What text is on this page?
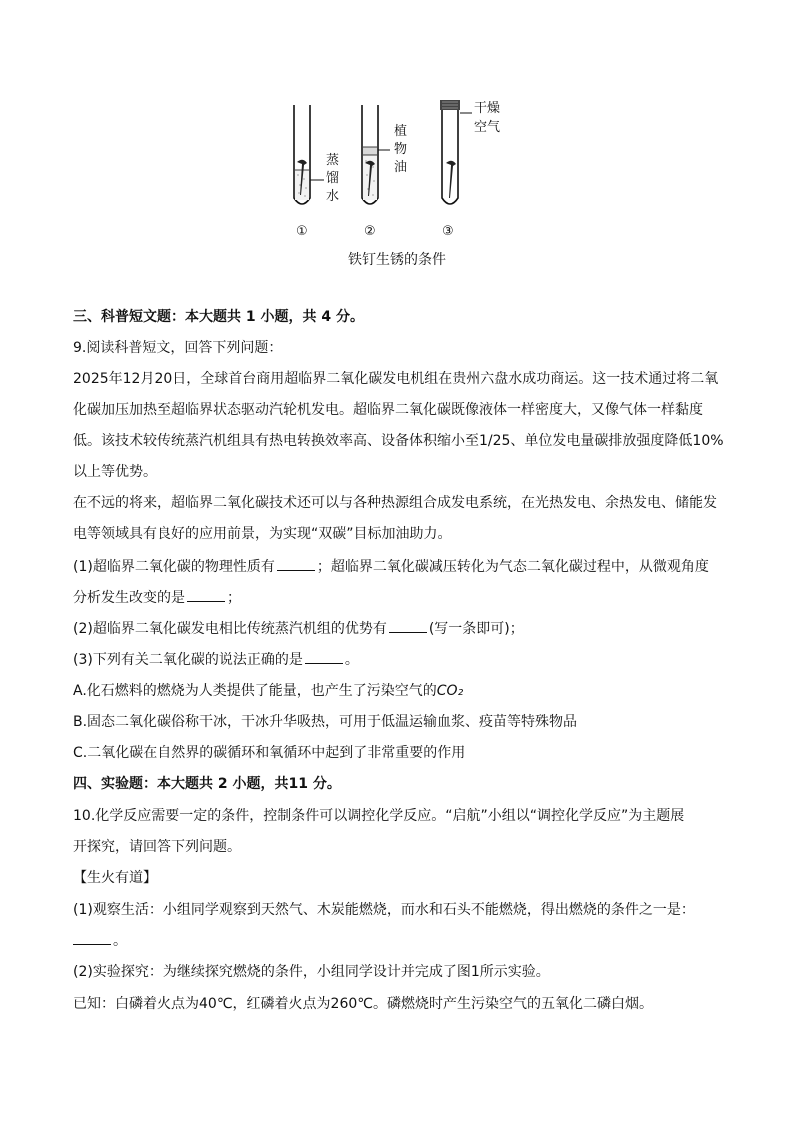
蒸
馏
水
植
物
油
干燥
空气
①	②	③
铁钉生锈的条件
三、科普短文题：本大题共 1 小题，共 4 分。
9.阅读科普短文，回答下列问题：
2025年12月20日，全球首台商用超临界二氧化碳发电机组在贵州六盘水成功商运。这一技术通过将二氧
化碳加压加热至超临界状态驱动汽轮机发电。超临界二氧化碳既像液体一样密度大，又像气体一样黏度
低。该技术较传统蒸汽机组具有热电转换效率高、设备体积缩小至1/25、单位发电量碳排放强度降低10%
以上等优势。
在不远的将来，超临界二氧化碳技术还可以与各种热源组合成发电系统，在光热发电、余热发电、储能发
电等领域具有良好的应用前景，为实现“双碳”目标加油助力。
(1)超临界二氧化碳的物理性质有	；超临界二氧化碳减压转化为气态二氧化碳过程中，从微观角度
分析发生改变的是	；
(2)超临界二氧化碳发电相比传统蒸汽机组的优势有	(写一条即可)；
(3)下列有关二氧化碳的说法正确的是	。
A.化石燃料的燃烧为人类提供了能量，也产生了污染空气的CO₂
B.固态二氧化碳俗称干冰，干冰升华吸热，可用于低温运输血浆、疫苗等特殊物品
C.二氧化碳在自然界的碳循环和氧循环中起到了非常重要的作用
四、实验题：本大题共 2 小题，共11 分。
10.化学反应需要一定的条件，控制条件可以调控化学反应。“启航”小组以“调控化学反应”为主题展
开探究，请回答下列问题。
【生火有道】
(1)观察生活：小组同学观察到天然气、木炭能燃烧，而水和石头不能燃烧，得出燃烧的条件之一是：
。
(2)实验探究：为继续探究燃烧的条件，小组同学设计并完成了图1所示实验。
已知：白磷着火点为40℃，红磷着火点为260℃。磷燃烧时产生污染空气的五氧化二磷白烟。
